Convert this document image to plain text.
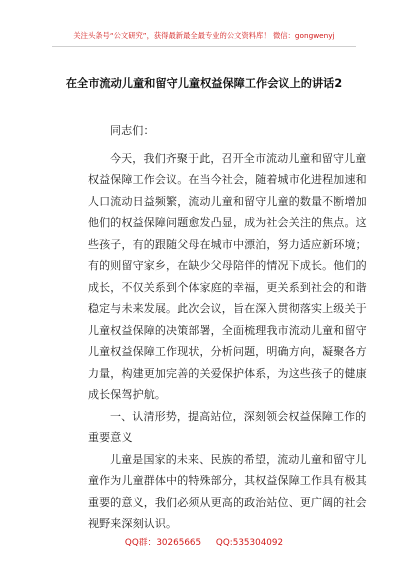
关注头条号“公文研究”，获得最新最全最专业的公文资料库！ 微信：gongwenyj
在全市流动儿童和留守儿童权益保障工作会议上的讲话2
同志们：
今天，我们齐聚于此，召开全市流动儿童和留守儿童
权益保障工作会议。在当今社会，随着城市化进程加速和
人口流动日益频繁，流动儿童和留守儿童的数量不断增加
他们的权益保障问题愈发凸显，成为社会关注的焦点。这
些孩子，有的跟随父母在城市中漂泊，努力适应新环境；
有的则留守家乡，在缺少父母陪伴的情况下成长。他们的
成长，不仅关系到个体家庭的幸福，更关系到社会的和谐
稳定与未来发展。此次会议，旨在深入贯彻落实上级关于
儿童权益保障的决策部署，全面梳理我市流动儿童和留守
儿童权益保障工作现状，分析问题，明确方向，凝聚各方
力量，构建更加完善的关爱保护体系，为这些孩子的健康
成长保驾护航。
一、认清形势，提高站位，深刻领会权益保障工作的
重要意义
儿童是国家的未来、民族的希望，流动儿童和留守儿
童作为儿童群体中的特殊部分，其权益保障工作具有极其
重要的意义，我们必须从更高的政治站位、更广阔的社会
视野来深刻认识。
QQ群：30265665 QQ:535304092
